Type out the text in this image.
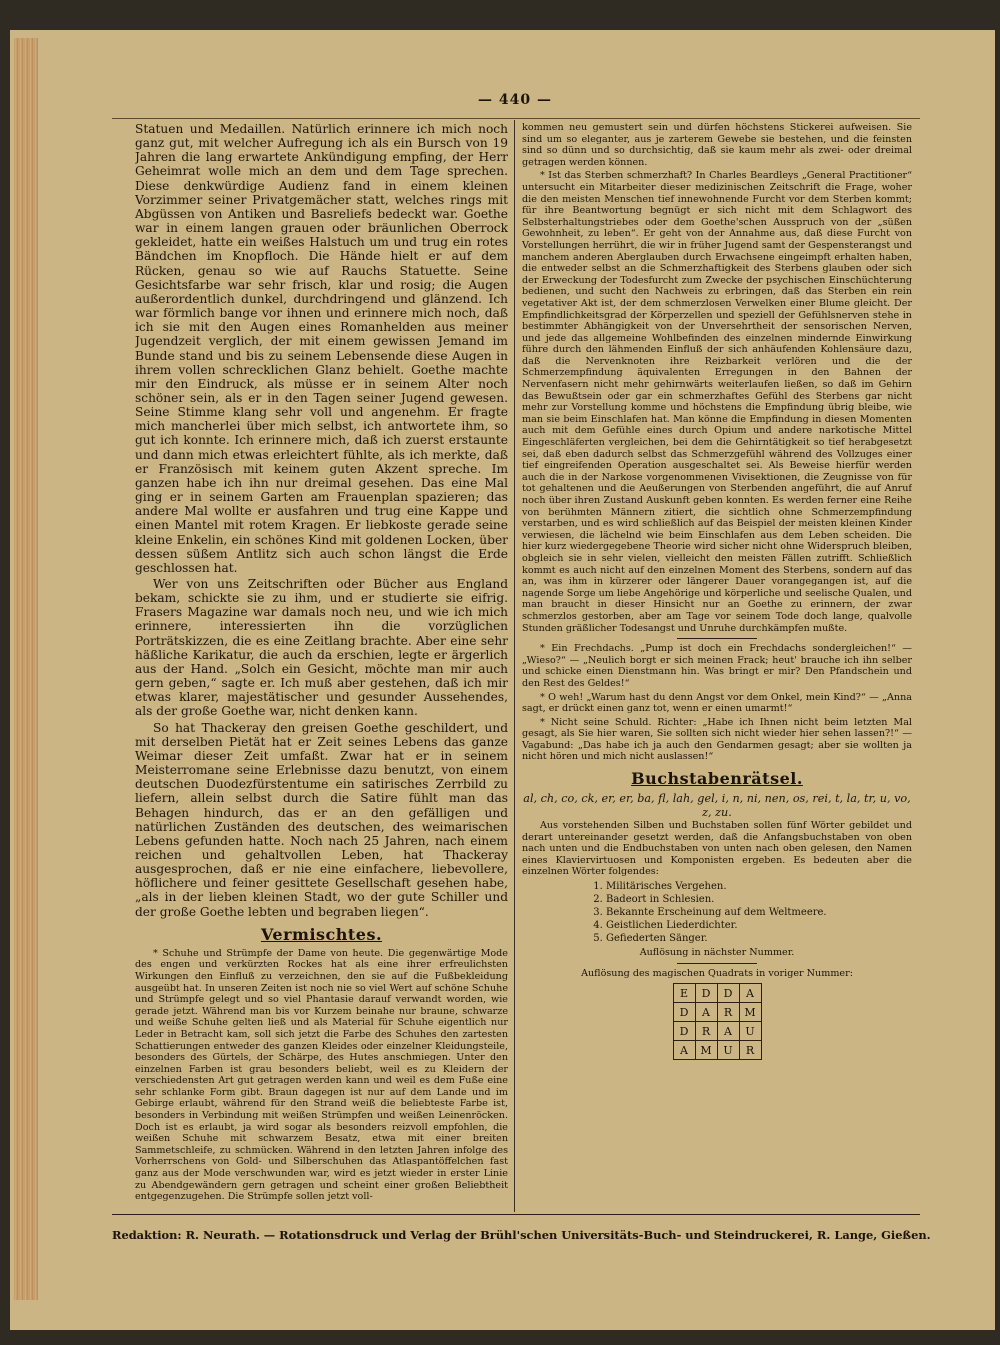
— 440 —

Statuen und Medaillen. Natürlich erinnere ich mich noch ganz gut, mit welcher Aufregung ich als ein Bursch von 19 Jahren die lang erwartete Ankündigung empfing, der Herr Geheimrat wolle mich an dem und dem Tage sprechen. Diese denkwürdige Audienz fand in einem kleinen Vorzimmer seiner Privatgemächer statt, welches rings mit Abgüssen von Antiken und Basreliefs bedeckt war. Goethe war in einem langen grauen oder bräunlichen Oberrock gekleidet, hatte ein weißes Halstuch um und trug ein rotes Bändchen im Knopfloch. Die Hände hielt er auf dem Rücken, genau so wie auf Rauchs Statuette. Seine Gesichtsfarbe war sehr frisch, klar und rosig; die Augen außerordentlich dunkel, durchdringend und glänzend. Ich war förmlich bange vor ihnen und erinnere mich noch, daß ich sie mit den Augen eines Romanhelden aus meiner Jugendzeit verglich, der mit einem gewissen Jemand im Bunde stand und bis zu seinem Lebensende diese Augen in ihrem vollen schrecklichen Glanz behielt. Goethe machte mir den Eindruck, als müsse er in seinem Alter noch schöner sein, als er in den Tagen seiner Jugend gewesen. Seine Stimme klang sehr voll und angenehm. Er fragte mich mancherlei über mich selbst, ich antwortete ihm, so gut ich konnte. Ich erinnere mich, daß ich zuerst erstaunte und dann mich etwas erleichtert fühlte, als ich merkte, daß er Französisch mit keinem guten Akzent spreche. Im ganzen habe ich ihn nur dreimal gesehen. Das eine Mal ging er in seinem Garten am Frauenplan spazieren; das andere Mal wollte er ausfahren und trug eine Kappe und einen Mantel mit rotem Kragen. Er liebkoste gerade seine kleine Enkelin, ein schönes Kind mit goldenen Locken, über dessen süßem Antlitz sich auch schon längst die Erde geschlossen hat.

Wer von uns Zeitschriften oder Bücher aus England bekam, schickte sie zu ihm, und er studierte sie eifrig. Frasers Magazine war damals noch neu, und wie ich mich erinnere, interessierten ihn die vorzüglichen Porträtskizzen, die es eine Zeitlang brachte. Aber eine sehr häßliche Karikatur, die auch da erschien, legte er ärgerlich aus der Hand. „Solch ein Gesicht, möchte man mir auch gern geben,“ sagte er. Ich muß aber gestehen, daß ich mir etwas klarer, majestätischer und gesunder Aussehendes, als der große Goethe war, nicht denken kann.

So hat Thackeray den greisen Goethe geschildert, und mit derselben Pietät hat er Zeit seines Lebens das ganze Weimar dieser Zeit umfaßt. Zwar hat er in seinem Meisterromane seine Erlebnisse dazu benutzt, von einem deutschen Duodezfürstentume ein satirisches Zerrbild zu liefern, allein selbst durch die Satire fühlt man das Behagen hindurch, das er an den gefälligen und natürlichen Zuständen des deutschen, des weimarischen Lebens gefunden hatte. Noch nach 25 Jahren, nach einem reichen und gehaltvollen Leben, hat Thackeray ausgesprochen, daß er nie eine einfachere, liebevollere, höflichere und feiner gesittete Gesellschaft gesehen habe, „als in der lieben kleinen Stadt, wo der gute Schiller und der große Goethe lebten und begraben liegen“.

Vermischtes.

* Schuhe und Strümpfe der Dame von heute. Die gegenwärtige Mode des engen und verkürzten Rockes hat als eine ihrer erfreulichsten Wirkungen den Einfluß zu verzeichnen, den sie auf die Fußbekleidung ausgeübt hat. In unseren Zeiten ist noch nie so viel Wert auf schöne Schuhe und Strümpfe gelegt und so viel Phantasie darauf verwandt worden, wie gerade jetzt. Während man bis vor Kurzem beinahe nur braune, schwarze und weiße Schuhe gelten ließ und als Material für Schuhe eigentlich nur Leder in Betracht kam, soll sich jetzt die Farbe des Schuhes den zartesten Schattierungen entweder des ganzen Kleides oder einzelner Kleidungsteile, besonders des Gürtels, der Schärpe, des Hutes anschmiegen. Unter den einzelnen Farben ist grau besonders beliebt, weil es zu Kleidern der verschiedensten Art gut getragen werden kann und weil es dem Fuße eine sehr schlanke Form gibt. Braun dagegen ist nur auf dem Lande und im Gebirge erlaubt, während für den Strand weiß die beliebteste Farbe ist, besonders in Verbindung mit weißen Strümpfen und weißen Leinenröcken. Doch ist es erlaubt, ja wird sogar als besonders reizvoll empfohlen, die weißen Schuhe mit schwarzem Besatz, etwa mit einer breiten Sammetschleife, zu schmücken. Während in den letzten Jahren infolge des Vorherrschens von Gold- und Silberschuhen das Atlaspantöffelchen fast ganz aus der Mode verschwunden war, wird es jetzt wieder in erster Linie zu Abendgewändern gern getragen und scheint einer großen Beliebtheit entgegenzugehen. Die Strümpfe sollen jetzt voll-

kommen neu gemustert sein und dürfen höchstens Stickerei aufweisen. Sie sind um so eleganter, aus je zarterem Gewebe sie bestehen, und die feinsten sind so dünn und so durchsichtig, daß sie kaum mehr als zwei- oder dreimal getragen werden können.

* Ist das Sterben schmerzhaft? In Charles Beardleys „General Practitioner“ untersucht ein Mitarbeiter dieser medizinischen Zeitschrift die Frage, woher die den meisten Menschen tief innewohnende Furcht vor dem Sterben kommt; für ihre Beantwortung begnügt er sich nicht mit dem Schlagwort des Selbsterhaltungstriebes oder dem Goethe'schen Ausspruch von der „süßen Gewohnheit, zu leben“. Er geht von der Annahme aus, daß diese Furcht von Vorstellungen herrührt, die wir in früher Jugend samt der Gespensterangst und manchem anderen Aberglauben durch Erwachsene eingeimpft erhalten haben, die entweder selbst an die Schmerzhaftigkeit des Sterbens glauben oder sich der Erweckung der Todesfurcht zum Zwecke der psychischen Einschüchterung bedienen, und sucht den Nachweis zu erbringen, daß das Sterben ein rein vegetativer Akt ist, der dem schmerzlosen Verwelken einer Blume gleicht. Der Empfindlichkeitsgrad der Körperzellen und speziell der Gefühlsnerven stehe in bestimmter Abhängigkeit von der Unversehrtheit der sensorischen Nerven, und jede das allgemeine Wohlbefinden des einzelnen mindernde Einwirkung führe durch den lähmenden Einfluß der sich anhäufenden Kohlensäure dazu, daß die Nervenknoten ihre Reizbarkeit verlören und die der Schmerzempfindung äquivalenten Erregungen in den Bahnen der Nervenfasern nicht mehr gehirnwärts weiterlaufen ließen, so daß im Gehirn das Bewußtsein oder gar ein schmerzhaftes Gefühl des Sterbens gar nicht mehr zur Vorstellung komme und höchstens die Empfindung übrig bleibe, wie man sie beim Einschlafen hat. Man könne die Empfindung in diesen Momenten auch mit dem Gefühle eines durch Opium und andere narkotische Mittel Eingeschläferten vergleichen, bei dem die Gehirntätigkeit so tief herabgesetzt sei, daß eben dadurch selbst das Schmerzgefühl während des Vollzuges einer tief eingreifenden Operation ausgeschaltet sei. Als Beweise hierfür werden auch die in der Narkose vorgenommenen Vivisektionen, die Zeugnisse von für tot gehaltenen und die Aeußerungen von Sterbenden angeführt, die auf Anruf noch über ihren Zustand Auskunft geben konnten. Es werden ferner eine Reihe von berühmten Männern zitiert, die sichtlich ohne Schmerzempfindung verstarben, und es wird schließlich auf das Beispiel der meisten kleinen Kinder verwiesen, die lächelnd wie beim Einschlafen aus dem Leben scheiden. Die hier kurz wiedergegebene Theorie wird sicher nicht ohne Widerspruch bleiben, obgleich sie in sehr vielen, vielleicht den meisten Fällen zutrifft. Schließlich kommt es auch nicht auf den einzelnen Moment des Sterbens, sondern auf das an, was ihm in kürzerer oder längerer Dauer vorangegangen ist, auf die nagende Sorge um liebe Angehörige und körperliche und seelische Qualen, und man braucht in dieser Hinsicht nur an Goethe zu erinnern, der zwar schmerzlos gestorben, aber am Tage vor seinem Tode doch lange, qualvolle Stunden gräßlicher Todesangst und Unruhe durchkämpfen mußte.

* Ein Frechdachs. „Pump ist doch ein Frechdachs sondergleichen!“ — „Wieso?“ — „Neulich borgt er sich meinen Frack; heut' brauche ich ihn selber und schicke einen Dienstmann hin. Was bringt er mir? Den Pfandschein und den Rest des Geldes!“

* O weh! „Warum hast du denn Angst vor dem Onkel, mein Kind?“ — „Anna sagt, er drückt einen ganz tot, wenn er einen umarmt!“

* Nicht seine Schuld. Richter: „Habe ich Ihnen nicht beim letzten Mal gesagt, als Sie hier waren, Sie sollten sich nicht wieder hier sehen lassen?!“ — Vagabund: „Das habe ich ja auch den Gendarmen gesagt; aber sie wollten ja nicht hören und mich nicht auslassen!“

Buchstabenrätsel.
al, ch, co, ck, er, er, ba, fl, lah, gel, i, n, ni, nen, os, rei, t, la, tr, u, vo, z, zu.

Aus vorstehenden Silben und Buchstaben sollen fünf Wörter gebildet und derart untereinander gesetzt werden, daß die Anfangsbuchstaben von oben nach unten und die Endbuchstaben von unten nach oben gelesen, den Namen eines Klaviervirtuosen und Komponisten ergeben. Es bedeuten aber die einzelnen Wörter folgendes:

1. Militärisches Vergehen.
2. Badeort in Schlesien.
3. Bekannte Erscheinung auf dem Weltmeere.
4. Geistlichen Liederdichter.
5. Gefiederten Sänger.

Auflösung in nächster Nummer.

Auflösung des magischen Quadrats in voriger Nummer:

E	D	D	A
D	A	R	M
D	R	A	U
A	M	U	R
Redaktion: R. Neurath. — Rotationsdruck und Verlag der Brühl'schen Universitäts-Buch- und Steindruckerei, R. Lange, Gießen.
